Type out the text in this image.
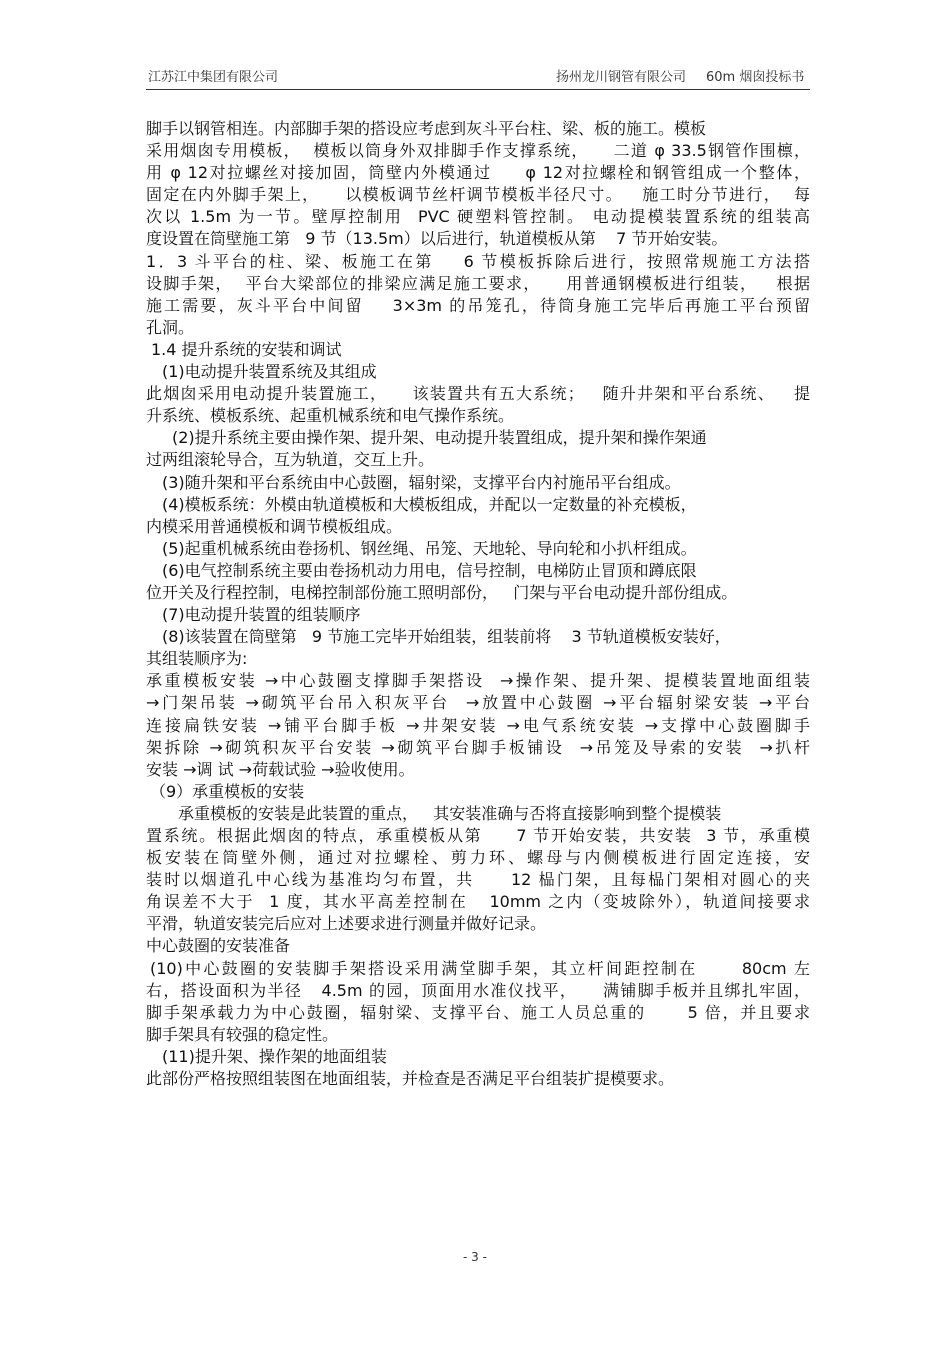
江苏江中集团有限公司	扬州龙川钢管有限公司 60m 烟囱投标书
脚手以钢管相连。内部脚手架的搭设应考虑到灰斗平台柱、梁、板的施工。模板
采用烟囱专用模板，  模板以筒身外双排脚手作支撑系统，    二道 φ 33.5钢管作围檩，
用 φ 12对拉螺丝对接加固，筒壁内外模通过     φ 12对拉螺栓和钢管组成一个整体，
固定在内外脚手架上，    以模板调节丝杆调节模板半径尺寸。   施工时分节进行，  每
次以 1.5m 为一节。壁厚控制用  PVC 硬塑料管控制。 电动提模装置系统的组装高
度设置在筒壁施工第   9 节（13.5m）以后进行，轨道模板从第    7 节开始安装。
1．3 斗平台的柱、梁、板施工在第    6 节模板拆除后进行，按照常规施工方法搭
设脚手架，  平台大梁部位的排梁应满足施工要求，    用普通钢模板进行组装，   根据
施工需要，灰斗平台中间留    3×3m 的吊笼孔，待筒身施工完毕后再施工平台预留
孔洞。
1.4 提升系统的安装和调试
(1)电动提升装置系统及其组成
此烟囱采用电动提升装置施工，    该装置共有五大系统；   随升井架和平台系统、   提
升系统、模板系统、起重机械系统和电气操作系统。
(2)提升系统主要由操作架、提升架、电动提升装置组成，提升架和操作架通
过两组滚轮导合，互为轨道，交互上升。
(3)随升架和平台系统由中心鼓圈，辐射梁，支撑平台内衬施吊平台组成。
(4)模板系统：外模由轨道模板和大模板组成，并配以一定数量的补充模板，
内模采用普通模板和调节模板组成。
(5)起重机械系统由卷扬机、钢丝绳、吊笼、天地轮、导向轮和小扒杆组成。
(6)电气控制系统主要由卷扬机动力用电，信号控制，电梯防止冒顶和蹲底限
位开关及行程控制，电梯控制部份施工照明部份，   门架与平台电动提升部份组成。
(7)电动提升装置的组装顺序
(8)该装置在筒壁第   9 节施工完毕开始组装，组装前将    3 节轨道模板安装好，
其组装顺序为:
承重模板安装 →中心鼓圈支撑脚手架搭设  →操作架、提升架、提模装置地面组装
→门架吊装 →砌筑平台吊入积灰平台  →放置中心鼓圈 →平台辐射梁安装 →平台
连接扁铁安装 →铺平台脚手板 →井架安装 →电气系统安装 →支撑中心鼓圈脚手
架拆除 →砌筑积灰平台安装 →砌筑平台脚手板铺设  →吊笼及导索的安装  →扒杆
安装 →调 试 →荷载试验 →验收使用。
（9）承重模板的安装
承重模板的安装是此装置的重点，   其安装准确与否将直接影响到整个提模装
置系统。根据此烟囱的特点，承重模板从第     7 节开始安装，共安装  3 节，承重模
板安装在筒壁外侧，通过对拉螺栓、剪力环、螺母与内侧模板进行固定连接，安
装时以烟道孔中心线为基准均匀布置，共     12 榀门架，且每榀门架相对圆心的夹
角误差不大于  1 度，其水平高差控制在   10mm 之内（变坡除外），轨道间接要求
平滑，轨道安装完后应对上述要求进行测量并做好记录。
中心鼓圈的安装准备
(10)中心鼓圈的安装脚手架搭设采用满堂脚手架，其立杆间距控制在      80cm 左
右，搭设面积为半径   4.5m 的园，顶面用水准仪找平，    满铺脚手板并且绑扎牢固，
脚手架承载力为中心鼓圈，辐射梁、支撑平台、施工人员总重的      5 倍，并且要求
脚手架具有较强的稳定性。
(11)提升架、操作架的地面组装
此部份严格按照组装图在地面组装，并检查是否满足平台组装扩提模要求。
- 3 -
